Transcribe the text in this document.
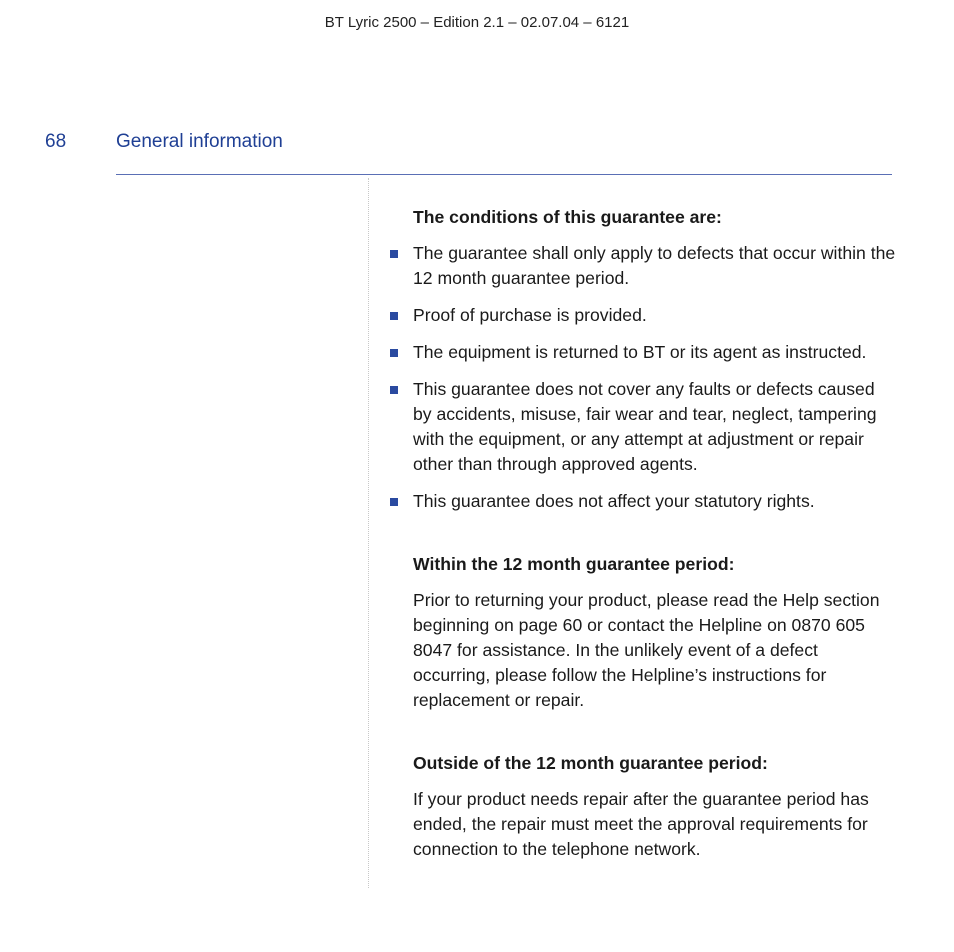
BT Lyric 2500 – Edition 2.1 – 02.07.04 – 6121
68	General information
The conditions of this guarantee are:
The guarantee shall only apply to defects that occur within the 12 month guarantee period.
Proof of purchase is provided.
The equipment is returned to BT or its agent as instructed.
This guarantee does not cover any faults or defects caused by accidents, misuse, fair wear and tear, neglect, tampering with the equipment, or any attempt at adjustment or repair other than through approved agents.
This guarantee does not affect your statutory rights.
Within the 12 month guarantee period:

Prior to returning your product, please read the Help section beginning on page 60 or contact the Helpline on 0870 605 8047 for assistance. In the unlikely event of a defect occurring, please follow the Helpline’s instructions for replacement or repair.

Outside of the 12 month guarantee period:

If your product needs repair after the guarantee period has ended, the repair must meet the approval requirements for connection to the telephone network.
